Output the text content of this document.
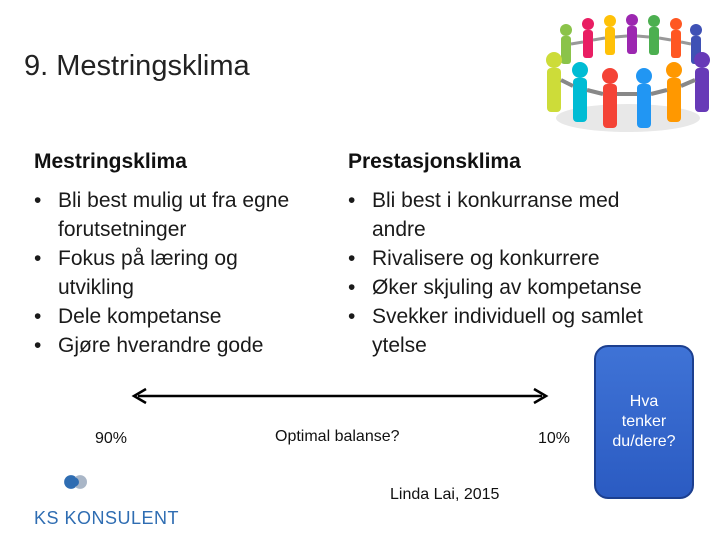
9. Mestringsklima
Mestringsklima
• Bli best mulig ut fra egne
forutsetninger
• Fokus på læring og
utvikling
• Dele kompetanse
• Gjøre hverandre gode
Prestasjonsklima
• Bli best i konkurranse med
andre
• Rivalisere og konkurrere
• Øker skjuling av kompetanse
• Svekker individuell og samlet
ytelse
90%	Optimal balanse?	10%
Linda Lai, 2015
Hva
tenker
du/dere?
KS KONSULENT
